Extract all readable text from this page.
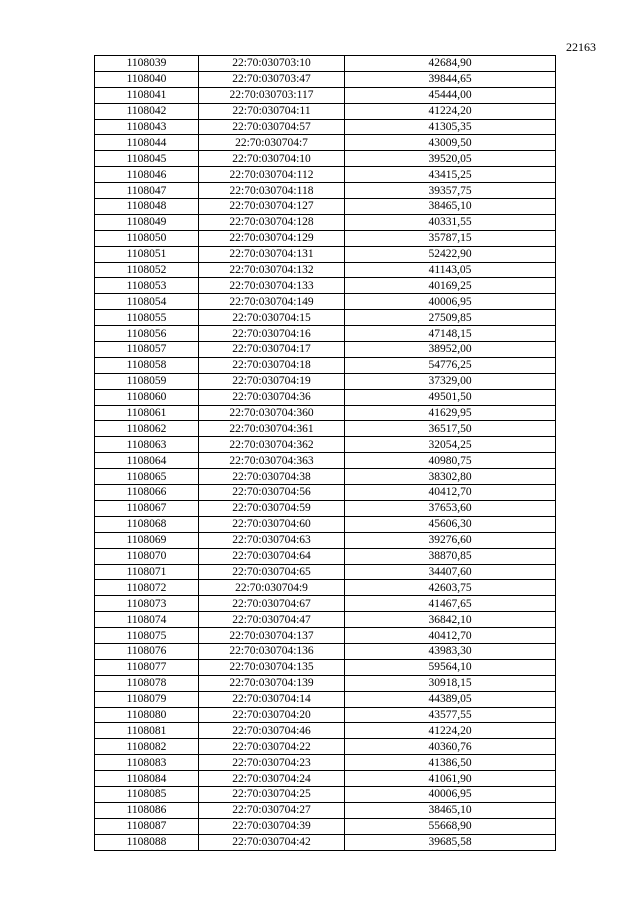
22163
1108039	22:70:030703:10	42684,90
1108040	22:70:030703:47	39844,65
1108041	22:70:030703:117	45444,00
1108042	22:70:030704:11	41224,20
1108043	22:70:030704:57	41305,35
1108044	22:70:030704:7	43009,50
1108045	22:70:030704:10	39520,05
1108046	22:70:030704:112	43415,25
1108047	22:70:030704:118	39357,75
1108048	22:70:030704:127	38465,10
1108049	22:70:030704:128	40331,55
1108050	22:70:030704:129	35787,15
1108051	22:70:030704:131	52422,90
1108052	22:70:030704:132	41143,05
1108053	22:70:030704:133	40169,25
1108054	22:70:030704:149	40006,95
1108055	22:70:030704:15	27509,85
1108056	22:70:030704:16	47148,15
1108057	22:70:030704:17	38952,00
1108058	22:70:030704:18	54776,25
1108059	22:70:030704:19	37329,00
1108060	22:70:030704:36	49501,50
1108061	22:70:030704:360	41629,95
1108062	22:70:030704:361	36517,50
1108063	22:70:030704:362	32054,25
1108064	22:70:030704:363	40980,75
1108065	22:70:030704:38	38302,80
1108066	22:70:030704:56	40412,70
1108067	22:70:030704:59	37653,60
1108068	22:70:030704:60	45606,30
1108069	22:70:030704:63	39276,60
1108070	22:70:030704:64	38870,85
1108071	22:70:030704:65	34407,60
1108072	22:70:030704:9	42603,75
1108073	22:70:030704:67	41467,65
1108074	22:70:030704:47	36842,10
1108075	22:70:030704:137	40412,70
1108076	22:70:030704:136	43983,30
1108077	22:70:030704:135	59564,10
1108078	22:70:030704:139	30918,15
1108079	22:70:030704:14	44389,05
1108080	22:70:030704:20	43577,55
1108081	22:70:030704:46	41224,20
1108082	22:70:030704:22	40360,76
1108083	22:70:030704:23	41386,50
1108084	22:70:030704:24	41061,90
1108085	22:70:030704:25	40006,95
1108086	22:70:030704:27	38465,10
1108087	22:70:030704:39	55668,90
1108088	22:70:030704:42	39685,58
